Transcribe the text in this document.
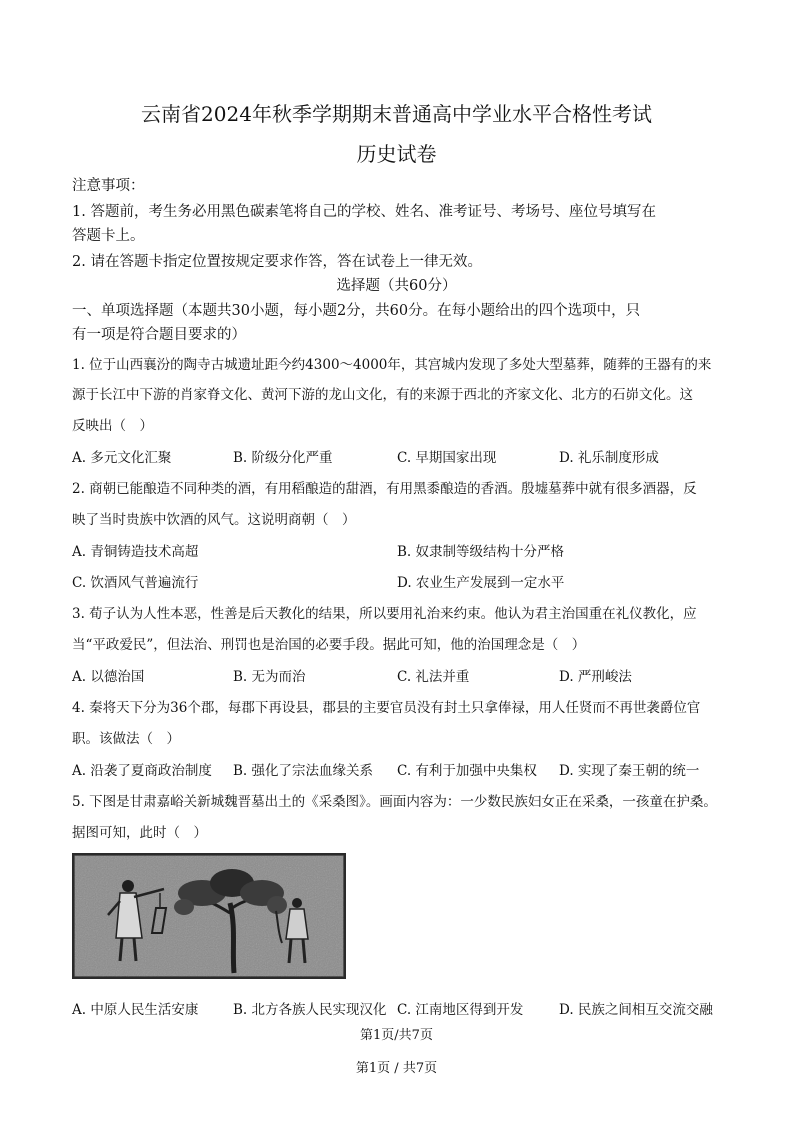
云南省2024年秋季学期期末普通高中学业水平合格性考试
历史试卷
注意事项：
1. 答题前，考生务必用黑色碳素笔将自己的学校、姓名、准考证号、考场号、座位号填写在
答题卡上。
2. 请在答题卡指定位置按规定要求作答，答在试卷上一律无效。
选择题（共60分）
一、单项选择题（本题共30小题，每小题2分，共60分。在每小题给出的四个选项中，只
有一项是符合题目要求的）
1. 位于山西襄汾的陶寺古城遗址距今约4300～4000年，其宫城内发现了多处大型墓葬，随葬的王器有的来
源于长江中下游的肖家脊文化、黄河下游的龙山文化，有的来源于西北的齐家文化、北方的石峁文化。这
反映出（　）
A. 多元文化汇聚	B. 阶级分化严重	C. 早期国家出现	D. 礼乐制度形成
2. 商朝已能酿造不同种类的酒，有用稻酿造的甜酒，有用黑黍酿造的香酒。殷墟墓葬中就有很多酒器，反
映了当时贵族中饮酒的风气。这说明商朝（　）
A. 青铜铸造技术高超	B. 奴隶制等级结构十分严格
C. 饮酒风气普遍流行	D. 农业生产发展到一定水平
3. 荀子认为人性本恶，性善是后天教化的结果，所以要用礼治来约束。他认为君主治国重在礼仪教化，应
当“平政爱民”，但法治、刑罚也是治国的必要手段。据此可知，他的治国理念是（　）
A. 以德治国	B. 无为而治	C. 礼法并重	D. 严刑峻法
4. 秦将天下分为36个郡，每郡下再设县，郡县的主要官员没有封土只拿俸禄，用人任贤而不再世袭爵位官
职。该做法（　）
A. 沿袭了夏商政治制度 B. 强化了宗法血缘关系 C. 有利于加强中央集权 D. 实现了秦王朝的统一
5. 下图是甘肃嘉峪关新城魏晋墓出土的《采桑图》。画面内容为：一少数民族妇女正在采桑，一孩童在护桑。
据图可知，此时（　）
A. 中原人民生活安康	B. 北方各族人民实现汉化 C. 江南地区得到开发	D. 民族之间相互交流交融
第1页/共7页
第1页 / 共7页
